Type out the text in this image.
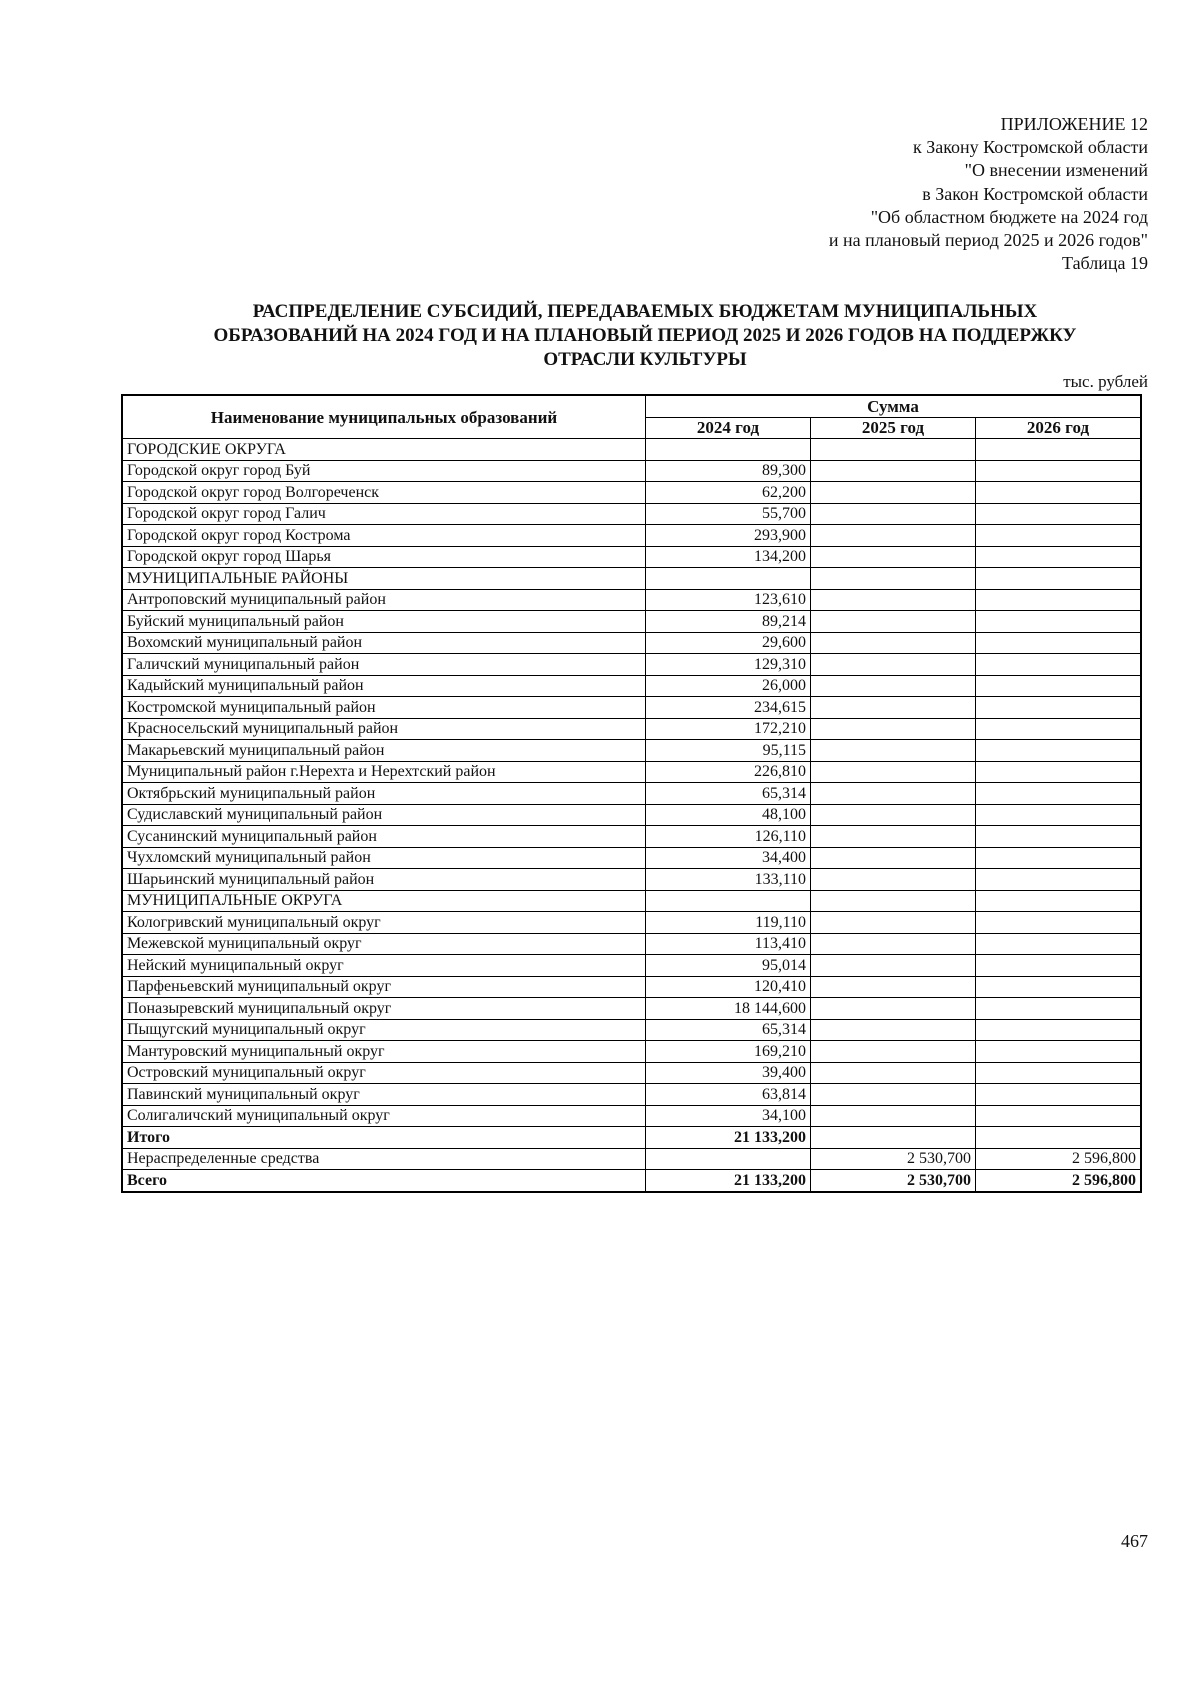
ПРИЛОЖЕНИЕ 12
к Закону Костромской области
"О внесении изменений
в Закон Костромской области
"Об областном бюджете на 2024 год
и на плановый период 2025 и 2026 годов"
Таблица 19
РАСПРЕДЕЛЕНИЕ СУБСИДИЙ, ПЕРЕДАВАЕМЫХ БЮДЖЕТАМ МУНИЦИПАЛЬНЫХ
ОБРАЗОВАНИЙ НА 2024 ГОД И НА ПЛАНОВЫЙ ПЕРИОД 2025 И 2026 ГОДОВ НА ПОДДЕРЖКУ
ОТРАСЛИ КУЛЬТУРЫ
тыс. рублей
Наименование муниципальных образований	Сумма		
	2024 год	2025 год	2026 год
ГОРОДСКИЕ ОКРУГА			
Городской округ город Буй	89,300		
Городской округ город Волгореченск	62,200		
Городской округ город Галич	55,700		
Городской округ город Кострома	293,900		
Городской округ город Шарья	134,200		
МУНИЦИПАЛЬНЫЕ РАЙОНЫ			
Антроповский муниципальный район	123,610		
Буйский муниципальный район	89,214		
Вохомский муниципальный район	29,600		
Галичский муниципальный район	129,310		
Кадыйский муниципальный район	26,000		
Костромской муниципальный район	234,615		
Красносельский муниципальный район	172,210		
Макарьевский муниципальный район	95,115		
Муниципальный район г.Нерехта и Нерехтский район	226,810		
Октябрьский муниципальный район	65,314		
Судиславский муниципальный район	48,100		
Сусанинский муниципальный район	126,110		
Чухломский муниципальный район	34,400		
Шарьинский муниципальный район	133,110		
МУНИЦИПАЛЬНЫЕ ОКРУГА			
Кологривский муниципальный округ	119,110		
Межевской муниципальный округ	113,410		
Нейский муниципальный округ	95,014		
Парфеньевский муниципальный округ	120,410		
Поназыревский муниципальный округ	18 144,600		
Пыщугский муниципальный округ	65,314		
Мантуровский муниципальный округ	169,210		
Островский муниципальный округ	39,400		
Павинский муниципальный округ	63,814		
Солигаличский муниципальный округ	34,100		
Итого	21 133,200		
Нераспределенные средства		2 530,700	2 596,800
Всего	21 133,200	2 530,700	2 596,800
467
